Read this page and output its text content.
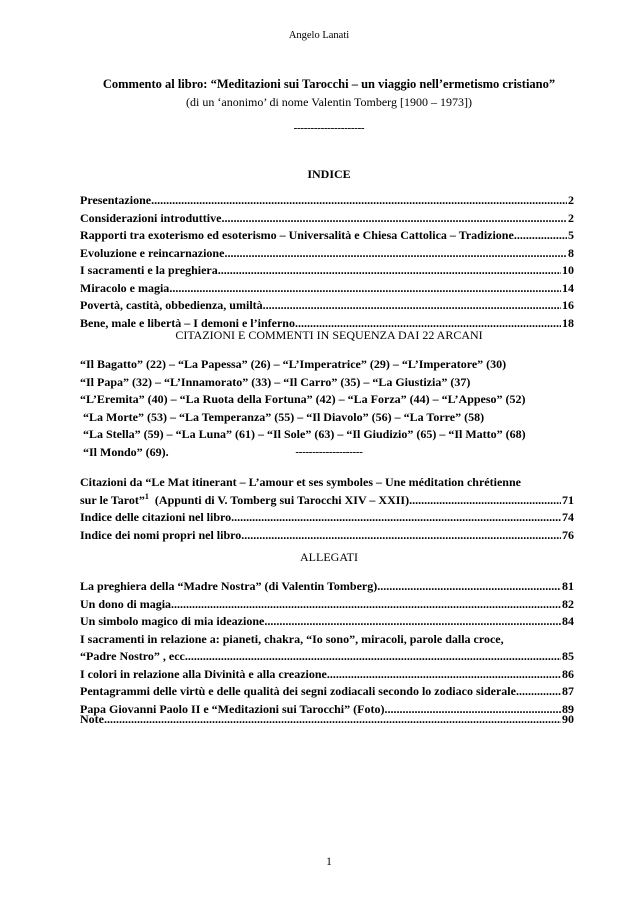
Angelo Lanati
Commento al libro: “Meditazioni sui Tarocchi – un viaggio nell’ermetismo cristiano”
(di un ‘anonimo’ di nome Valentin Tomberg [1900 – 1973])
---------------------
INDICE
Presentazione .....	2
Considerazioni introduttive .....	2
Rapporti tra exoterismo ed esoterismo – Universalità e Chiesa Cattolica – Tradizione .....	5
Evoluzione e reincarnazione .....	8
I sacramenti e la preghiera .....	10
Miracolo e magia .....	14
Povertà, castità, obbedienza, umiltà .....	16
Bene, male e libertà – I demoni e l’inferno .....	18
CITAZIONI E COMMENTI IN SEQUENZA DAI 22 ARCANI
“Il Bagatto” (22) – “La Papessa” (26) – “L’Imperatrice” (29) – “L’Imperatore” (30)
“Il Papa” (32) – “L’Innamorato” (33) – “Il Carro” (35) – “La Giustizia” (37)
“L’Eremita” (40) – “La Ruota della Fortuna” (42) – “La Forza” (44) – “L’Appeso” (52)
“La Morte” (53) – “La Temperanza” (55) – “Il Diavolo” (56) – “La Torre” (58)
“La Stella” (59) – “La Luna” (61) – “Il Sole” (63) – “Il Giudizio” (65) – “Il Matto” (68)
“Il Mondo” (69).	--------------------
Citazioni da “Le Mat itinerant – L’amour et ses symboles – Une méditation chrétienne
sur le Tarot”$^1$  (Appunti di V. Tomberg sui Tarocchi XIV – XXII) .....	71
Indice delle citazioni nel libro .....	74
Indice dei nomi propri nel libro .....	76
ALLEGATI
La preghiera della “Madre Nostra” (di Valentin Tomberg) .....	81
Un dono di magia .....	82
Un simbolo magico di mia ideazione .....	84
I sacramenti in relazione a: pianeti, chakra, “Io sono”, miracoli, parole dalla croce,
“Padre Nostro” , ecc .....	85
I colori in relazione alla Divinità e alla creazione .....	86
Pentagrammi delle virtù e delle qualità dei segni zodiacali secondo lo zodiaco siderale .....	87
Papa Giovanni Paolo II e “Meditazioni sui Tarocchi” (Foto) .....	89
Note .....	90
1
